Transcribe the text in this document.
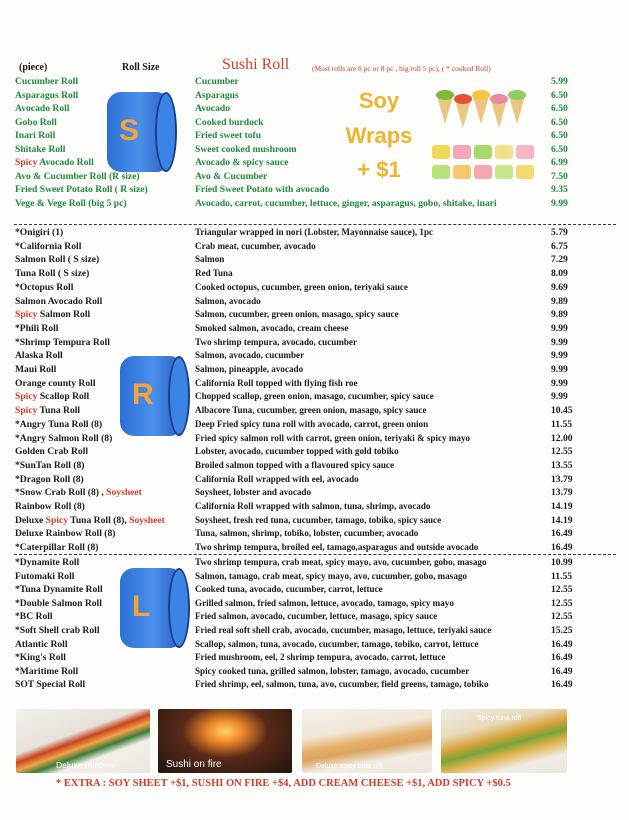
(piece)	Roll Size	Sushi Roll	(Most rolls are 6 pc or 8 pc , big roll 5 pc), ( * cooked Roll)
Soy
Wraps
+ $1
S
R
L
Cucumber Roll	Cucumber	5.99
Asparagus Roll	Asparagus	6.50
Avocado Roll	Avocado	6.50
Gobo Roll	Cooked burdock	6.50
Inari Roll	Fried sweet tofu	6.50
Shitake Roll	Sweet cooked mushroom	6.50
Spicy Avocado Roll	Avocado & spicy sauce	6.99
Avo & Cucumber Roll (R size)	Avo & Cucumber	7.50
Fried Sweet Potato Roll ( R size)	Fried Sweet Potato with avocado	9.35
Vege & Vege Roll (big 5 pc)	Avocado, carrot, cucumber, lettuce, ginger, asparagus, gobo, shitake, inari	9.99
*Onigiri (1)	Triangular wrapped in nori (Lobster, Mayonnaise sauce), 1pc	5.79
*California Roll	Crab meat, cucumber, avocado	6.75
Salmon Roll ( S size)	Salmon	7.29
Tuna Roll ( S size)	Red Tuna	8.09
*Octopus Roll	Cooked octopus, cucumber, green onion, teriyaki sauce	9.69
Salmon Avocado Roll	Salmon, avocado	9.89
Spicy Salmon Roll	Salmon, cucumber, green onion, masago, spicy sauce	9.89
*Phili Roll	Smoked salmon, avocado, cream cheese	9.99
*Shrimp Tempura Roll	Two shrimp tempura, avocado, cucumber	9.99
Alaska Roll	Salmon, avocado, cucumber	9.99
Maui Roll	Salmon, pineapple, avocado	9.99
Orange county Roll	California Roll topped with flying fish roe	9.99
Spicy Scallop Roll	Chopped scallop, green onion, masago, cucumber, spicy sauce	9.99
Spicy Tuna Roll	Albacore Tuna, cucumber, green onion, masago, spicy sauce	10.45
*Angry Tuna Roll (8)	Deep Fried spicy tuna roll with avocado, carrot, green onion	11.55
*Angry Salmon Roll (8)	Fried spicy salmon roll with carrot, green onion, teriyaki & spicy mayo	12.00
Golden Crab Roll	Lobster, avocado, cucumber topped with gold tobiko	12.55
*SunTan Roll (8)	Broiled salmon topped with a flavoured spicy sauce	13.55
*Dragon Roll (8)	California Roll wrapped with eel, avocado	13.79
*Snow Crab Roll (8) , Soysheet	Soysheet, lobster and avocado	13.79
Rainbow Roll (8)	California Roll wrapped with salmon, tuna, shrimp, avocado	14.19
Deluxe Spicy Tuna Roll (8), Soysheet	Soysheet, fresh red tuna, cucumber, tamago, tobiko, spicy sauce	14.19
Deluxe Rainbow Roll (8)	Tuna, salmon, shrimp, tobiko, lobster, cucumber, avocado	16.49
*Caterpillar Roll (8)	Two shrimp tempura, broiled eel, tamago,asparagus and outside avocado	16.49
*Dynamite Roll	Two shrimp tempura, crab meat, spicy mayo, avo, cucumber, gobo, masago	10.99
Futomaki Roll	Salmon, tamago, crab meat, spicy mayo, avo, cucumber, gobo, masago	11.55
*Tuna Dynamite Roll	Cooked tuna, avocado, cucumber, carrot, lettuce	12.55
*Double Salmon Roll	Grilled salmon, fried salmon, lettuce, avocado, tamago, spicy mayo	12.55
*BC Roll	Fried salmon, avocado, cucumber, lettuce, masago, spicy sauce	12.55
*Soft Shell crab Roll	Fried real soft shell crab, avocado, cucumber, masago, lettuce, teriyaki sauce	15.25
Atlantic Roll	Scallop, salmon, tuna, avocado, cucumber, tamago, tobiko, carrot, lettuce	16.49
*King's Roll	Fried mushroom, eel, 2 shrimp tempura, avocado, carrot, lettuce	16.49
*Maritime Roll	Spicy cooked tuna, grilled salmon, lobster, tamago, avocado, cucumber	16.49
SOT Special Roll	Fried shrimp, eel, salmon, tuna, avo, cucumber, field greens, tamago, tobiko	16.49
Deluxe rainbow	Sushi on fire	Deluxe spicy tuna roll
Spicy tuna roll
* EXTRA : SOY SHEET +$1, SUSHI ON FIRE +$4, ADD CREAM CHEESE +$1, ADD SPICY +$0.5
